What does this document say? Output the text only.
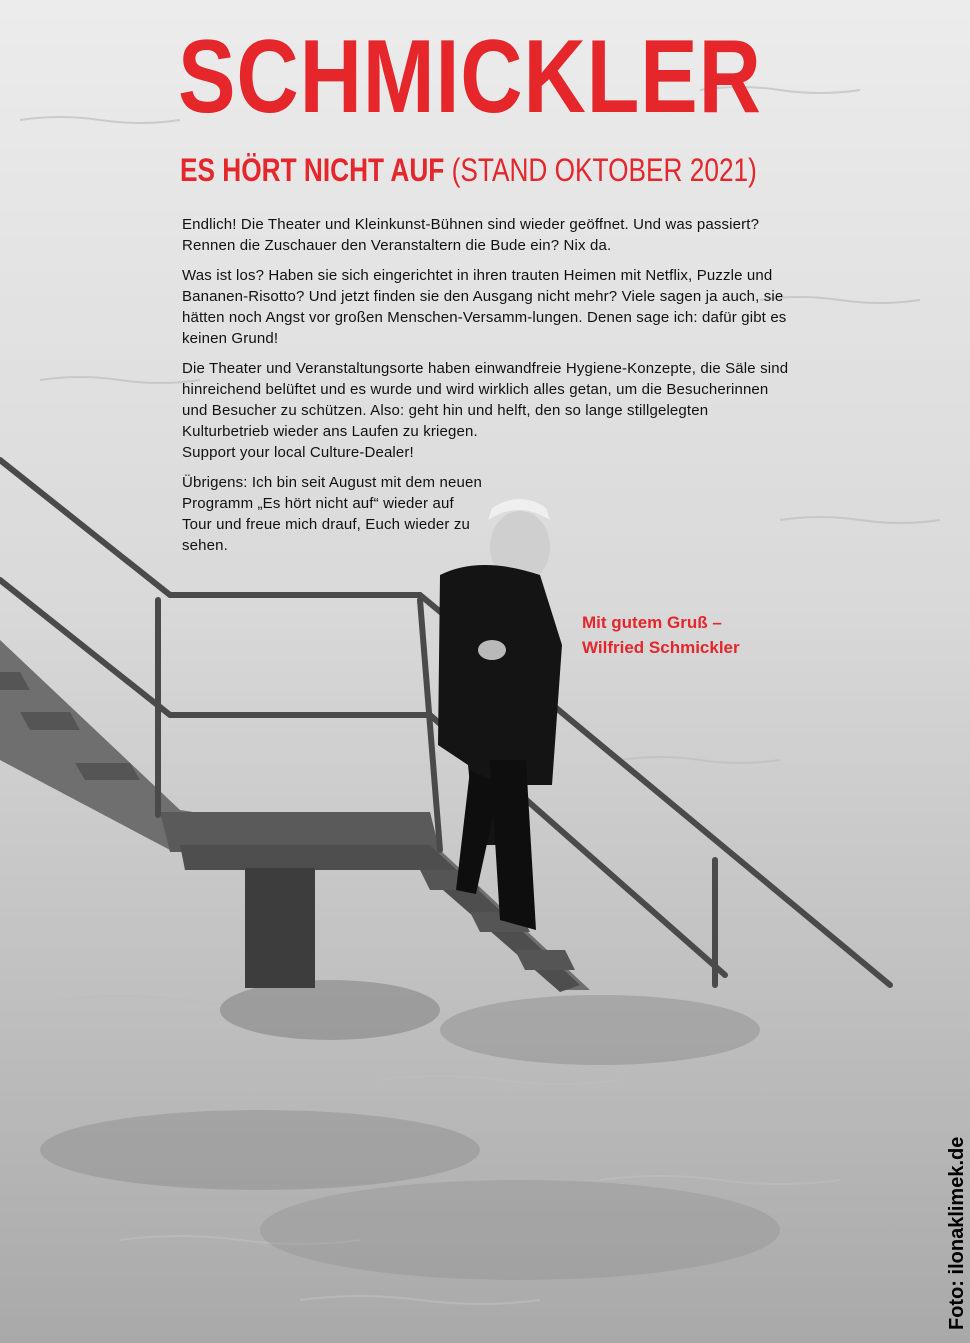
SCHMICKLER
ES HÖRT NICHT AUF (STAND OKTOBER 2021)

Endlich! Die Theater und Kleinkunst-Bühnen sind wieder geöffnet. Und was passiert? Rennen die Zuschauer den Veranstaltern die Bude ein? Nix da.

Was ist los? Haben sie sich eingerichtet in ihren trauten Heimen mit Netflix, Puzzle und Bananen-Risotto? Und jetzt finden sie den Ausgang nicht mehr? Viele sagen ja auch, sie hätten noch Angst vor großen Menschen-Versamm-lungen. Denen sage ich: dafür gibt es keinen Grund!

Die Theater und Veranstaltungsorte haben einwandfreie Hygiene-Konzepte, die Säle sind hinreichend belüftet und es wurde und wird wirklich alles getan, um die Besucherinnen und Besucher zu schützen. Also: geht hin und helft, den so lange stillgelegten Kulturbetrieb wieder ans Laufen zu kriegen.

Support your local Culture-Dealer!

Übrigens: Ich bin seit August mit dem neuen Programm „Es hört nicht auf“ wieder auf Tour und freue mich drauf, Euch wieder zu sehen.

Mit gutem Gruß –
Wilfried Schmickler
Foto: ilonaklimek.de
